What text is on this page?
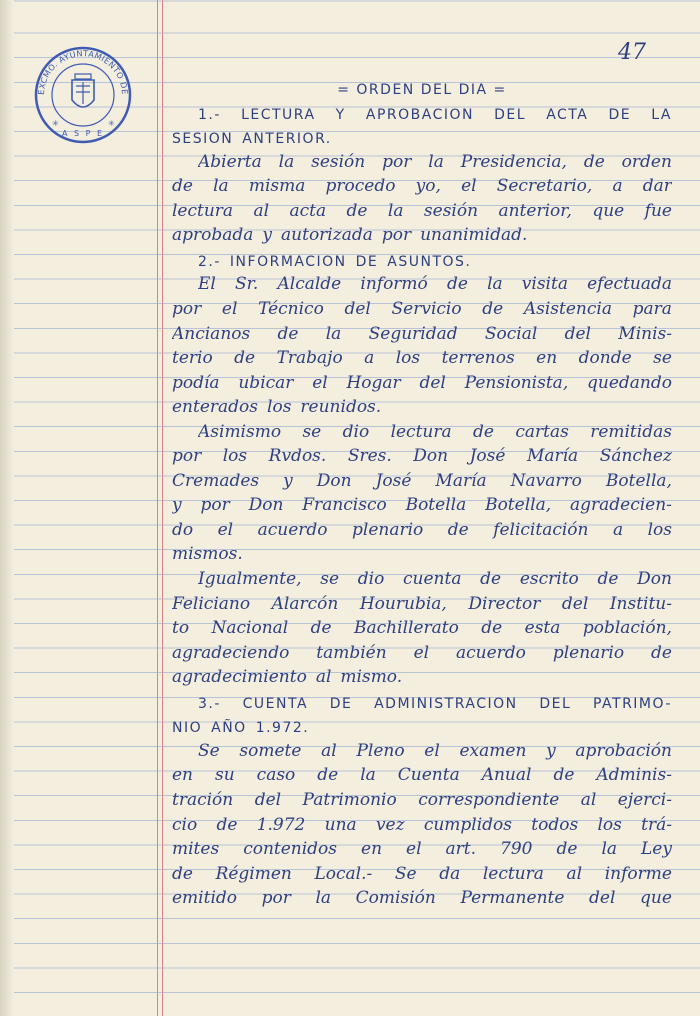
EXCMO. AYUNTAMIENTO DE
A S P E
✳	✳
47
= ORDEN DEL DIA =
1.- LECTURA Y APROBACION DEL ACTA DE LA
SESION ANTERIOR.
Abierta la sesión por la Presidencia, de orden
de la misma procedo yo, el Secretario, a dar
lectura al acta de la sesión anterior, que fue
aprobada y autorizada por unanimidad.
2.- INFORMACION DE ASUNTOS.
El Sr. Alcalde informó de la visita efectuada
por el Técnico del Servicio de Asistencia para
Ancianos de la Seguridad Social del Minis-
terio de Trabajo a los terrenos en donde se
podía ubicar el Hogar del Pensionista, quedando
enterados los reunidos.
Asimismo se dio lectura de cartas remitidas
por los Rvdos. Sres. Don José María Sánchez
Cremades y Don José María Navarro Botella,
y por Don Francisco Botella Botella, agradecien-
do el acuerdo plenario de felicitación a los
mismos.
Igualmente, se dio cuenta de escrito de Don
Feliciano Alarcón Hourubia, Director del Institu-
to Nacional de Bachillerato de esta población,
agradeciendo también el acuerdo plenario de
agradecimiento al mismo.
3.- CUENTA DE ADMINISTRACION DEL PATRIMO-
NIO AÑO 1.972.
Se somete al Pleno el examen y aprobación
en su caso de la Cuenta Anual de Adminis-
tración del Patrimonio correspondiente al ejerci-
cio de 1.972 una vez cumplidos todos los trá-
mites contenidos en el art. 790 de la Ley
de Régimen Local.- Se da lectura al informe
emitido por la Comisión Permanente del que
